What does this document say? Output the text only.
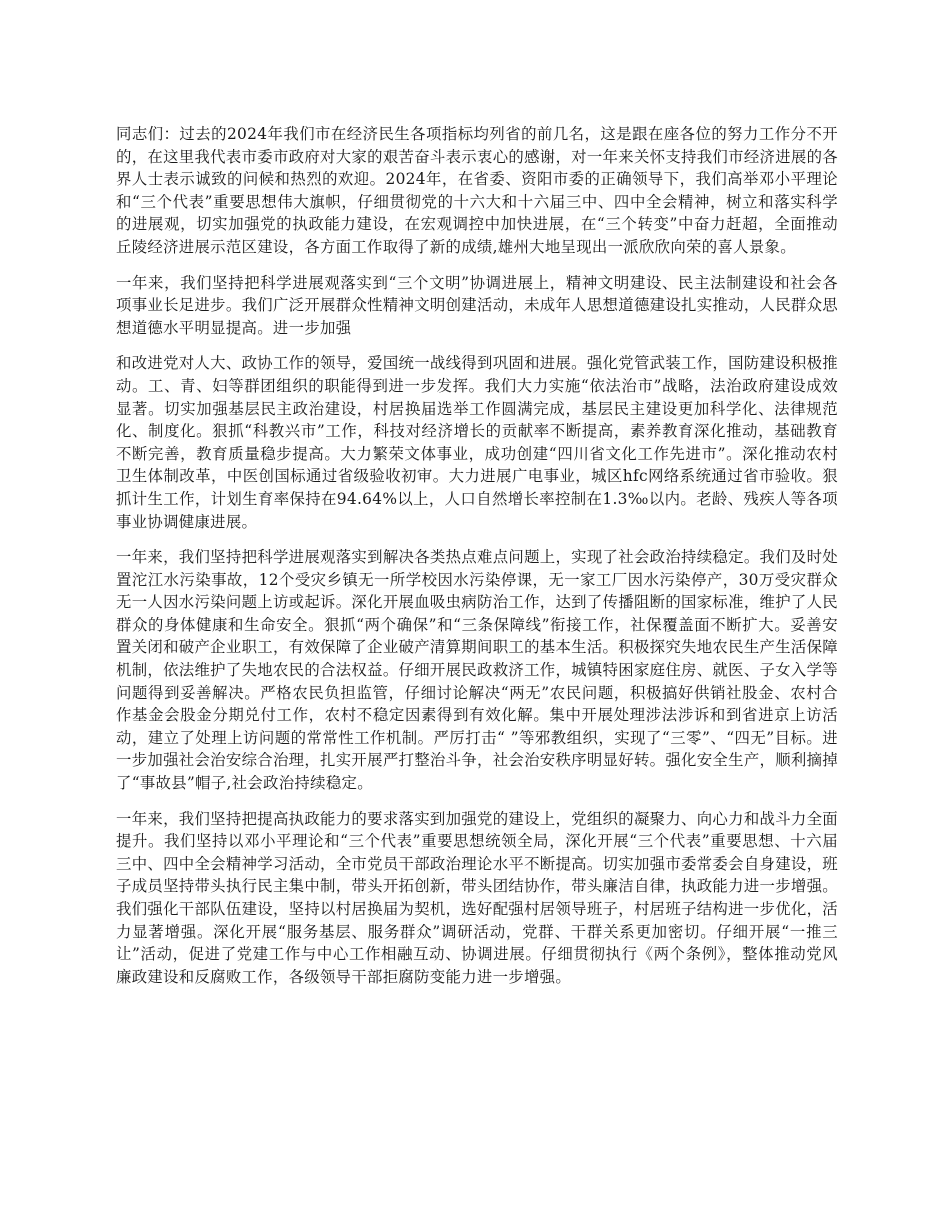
同志们：过去的2024年我们市在经济民生各项指标均列省的前几名，这是跟在座各位的努力工作分不开的，在这里我代表市委市政府对大家的艰苦奋斗表示衷心的感谢，对一年来关怀支持我们市经济进展的各界人士表示诚致的问候和热烈的欢迎。2024年，在省委、资阳市委的正确领导下，我们高举邓小平理论和“三个代表”重要思想伟大旗帜，仔细贯彻党的十六大和十六届三中、四中全会精神，树立和落实科学的进展观，切实加强党的执政能力建设，在宏观调控中加快进展，在“三个转变”中奋力赶超，全面推动丘陵经济进展示范区建设，各方面工作取得了新的成绩,雄州大地呈现出一派欣欣向荣的喜人景象。

一年来，我们坚持把科学进展观落实到“三个文明”协调进展上，精神文明建设、民主法制建设和社会各项事业长足进步。我们广泛开展群众性精神文明创建活动，未成年人思想道德建设扎实推动，人民群众思想道德水平明显提高。进一步加强

和改进党对人大、政协工作的领导，爱国统一战线得到巩固和进展。强化党管武装工作，国防建设积极推动。工、青、妇等群团组织的职能得到进一步发挥。我们大力实施“依法治市”战略，法治政府建设成效显著。切实加强基层民主政治建设，村居换届选举工作圆满完成，基层民主建设更加科学化、法律规范化、制度化。狠抓“科教兴市”工作，科技对经济增长的贡献率不断提高，素养教育深化推动，基础教育不断完善，教育质量稳步提高。大力繁荣文体事业，成功创建“四川省文化工作先进市”。深化推动农村卫生体制改革，中医创国标通过省级验收初审。大力进展广电事业，城区hfc网络系统通过省市验收。狠抓计生工作，计划生育率保持在94.64%以上，人口自然增长率控制在1.3‰以内。老龄、残疾人等各项事业协调健康进展。

一年来，我们坚持把科学进展观落实到解决各类热点难点问题上，实现了社会政治持续稳定。我们及时处置沱江水污染事故，12个受灾乡镇无一所学校因水污染停课，无一家工厂因水污染停产，30万受灾群众无一人因水污染问题上访或起诉。深化开展血吸虫病防治工作，达到了传播阻断的国家标准，维护了人民群众的身体健康和生命安全。狠抓“两个确保”和“三条保障线”衔接工作，社保覆盖面不断扩大。妥善安置关闭和破产企业职工，有效保障了企业破产清算期间职工的基本生活。积极探究失地农民生产生活保障机制，依法维护了失地农民的合法权益。仔细开展民政救济工作，城镇特困家庭住房、就医、子女入学等问题得到妥善解决。严格农民负担监管，仔细讨论解决“两无”农民问题，积极搞好供销社股金、农村合作基金会股金分期兑付工作，农村不稳定因素得到有效化解。集中开展处理涉法涉诉和到省进京上访活动，建立了处理上访问题的常常性工作机制。严厉打击“ ”等邪教组织，实现了“三零”、“四无”目标。进一步加强社会治安综合治理，扎实开展严打整治斗争，社会治安秩序明显好转。强化安全生产，顺利摘掉了“事故县”帽子,社会政治持续稳定。

一年来，我们坚持把提高执政能力的要求落实到加强党的建设上，党组织的凝聚力、向心力和战斗力全面提升。我们坚持以邓小平理论和“三个代表”重要思想统领全局，深化开展“三个代表”重要思想、十六届三中、四中全会精神学习活动，全市党员干部政治理论水平不断提高。切实加强市委常委会自身建设，班子成员坚持带头执行民主集中制，带头开拓创新，带头团结协作，带头廉洁自律，执政能力进一步增强。我们强化干部队伍建设，坚持以村居换届为契机，选好配强村居领导班子，村居班子结构进一步优化，活力显著增强。深化开展“服务基层、服务群众”调研活动，党群、干群关系更加密切。仔细开展“一推三让”活动，促进了党建工作与中心工作相融互动、协调进展。仔细贯彻执行《两个条例》，整体推动党风廉政建设和反腐败工作，各级领导干部拒腐防变能力进一步增强。
